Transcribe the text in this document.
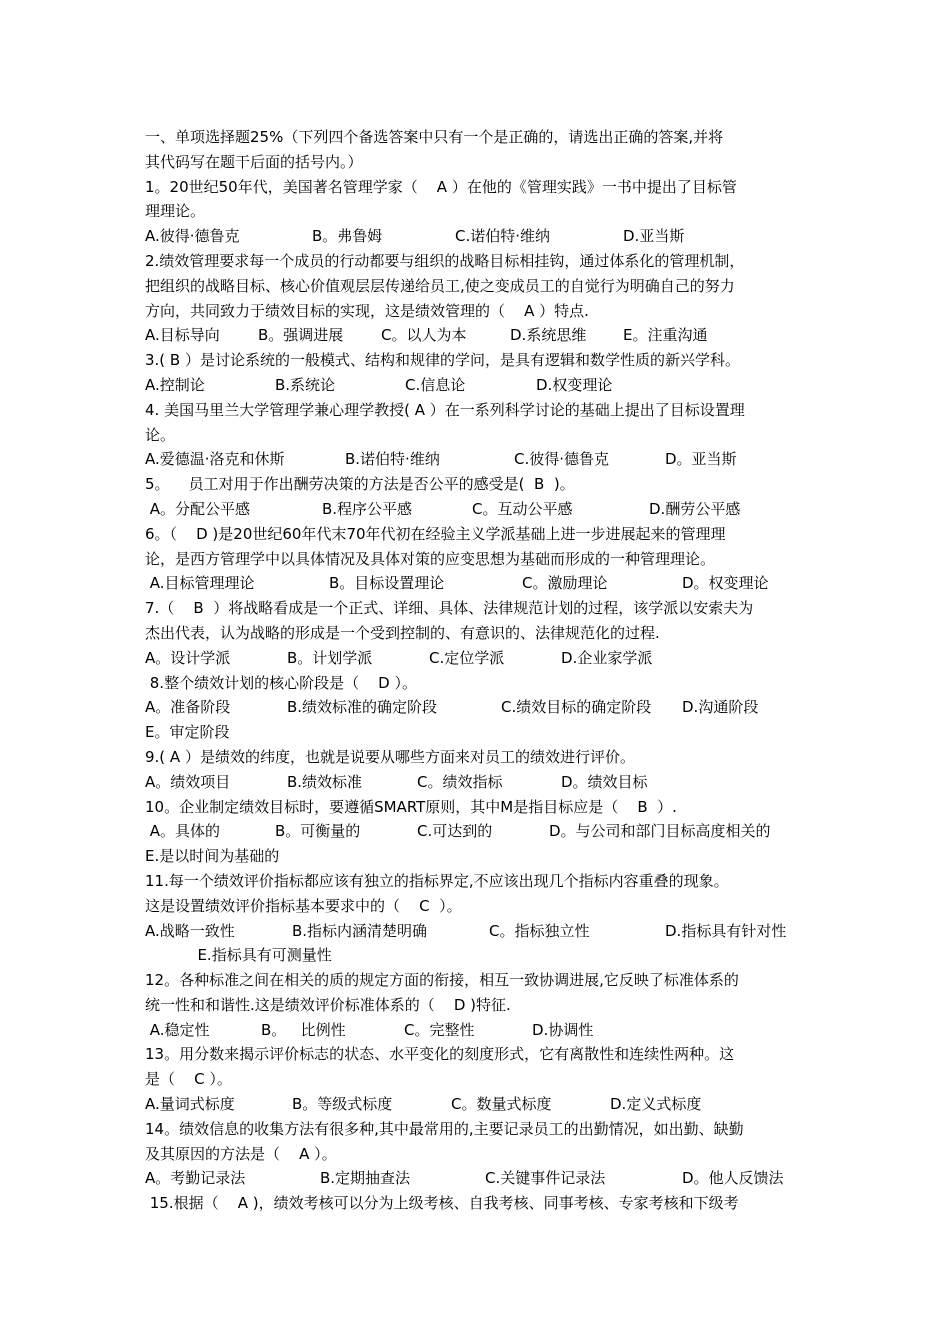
一、单项选择题25%（下列四个备选答案中只有一个是正确的，请选出正确的答案,并将
其代码写在题干后面的括号内。）
1。20世纪50年代，美国著名管理学家（    A ）在他的《管理实践》一书中提出了目标管
理理论。
A.彼得·德鲁克	B。弗鲁姆	C.诺伯特·维纳	D.亚当斯
2.绩效管理要求每一个成员的行动都要与组织的战略目标相挂钩，通过体系化的管理机制，
把组织的战略目标、核心价值观层层传递给员工,使之变成员工的自觉行为明确自己的努力
方向，共同致力于绩效目标的实现，这是绩效管理的（    A ）特点.
A.目标导向	B。强调进展	C。以人为本	D.系统思维 E。注重沟通
3.( B ）是讨论系统的一般模式、结构和规律的学问，是具有逻辑和数学性质的新兴学科。
A.控制论	B.系统论	C.信息论	D.权变理论
4. 美国马里兰大学管理学兼心理学教授( A ）在一系列科学讨论的基础上提出了目标设置理
论。
A.爱德温·洛克和休斯	B.诺伯特·维纳	C.彼得·德鲁克	D。亚当斯
5。    员工对用于作出酬劳决策的方法是否公平的感受是(  B  )。
A。分配公平感	B.程序公平感	C。互动公平感	D.酬劳公平感
6。（    D )是20世纪60年代末70年代初在经验主义学派基础上进一步进展起来的管理理
论，是西方管理学中以具体情况及具体对策的应变思想为基础而形成的一种管理理论。
A.目标管理理论	B。目标设置理论	C。激励理论	D。权变理论
7.（    B  ）将战略看成是一个正式、详细、具体、法律规范计划的过程，该学派以安索夫为
杰出代表，认为战略的形成是一个受到控制的、有意识的、法律规范化的过程.
A。设计学派	B。计划学派	C.定位学派	D.企业家学派
8.整个绩效计划的核心阶段是（    D ）。
A。准备阶段	B.绩效标准的确定阶段	C.绩效目标的确定阶段 D.沟通阶段
E。审定阶段
9.( A ）是绩效的纬度，也就是说要从哪些方面来对员工的绩效进行评价。
A。绩效项目	B.绩效标准	C。绩效指标	D。绩效目标
10。企业制定绩效目标时，要遵循SMART原则，其中M是指目标应是（    B  ）.
A。具体的	B。可衡量的	C.可达到的	D。与公司和部门目标高度相关的
E.是以时间为基础的
11.每一个绩效评价指标都应该有独立的指标界定,不应该出现几个指标内容重叠的现象。
这是设置绩效评价指标基本要求中的（    C  ）。
A.战略一致性	B.指标内涵清楚明确	C。指标独立性	D.指标具有针对性
E.指标具有可测量性
12。各种标准之间在相关的质的规定方面的衔接，相互一致协调进展,它反映了标准体系的
统一性和和谐性.这是绩效评价标准体系的（    D )特征.
A.稳定性	B。   比例性	C。完整性	D.协调性
13。用分数来揭示评价标志的状态、水平变化的刻度形式，它有离散性和连续性两种。这
是（    C ）。
A.量词式标度	B。等级式标度	C。数量式标度	D.定义式标度
14。绩效信息的收集方法有很多种,其中最常用的,主要记录员工的出勤情况，如出勤、缺勤
及其原因的方法是（    A ）。
A。考勤记录法	B.定期抽查法	C.关键事件记录法	D。他人反馈法
15.根据（    A )，绩效考核可以分为上级考核、自我考核、同事考核、专家考核和下级考
